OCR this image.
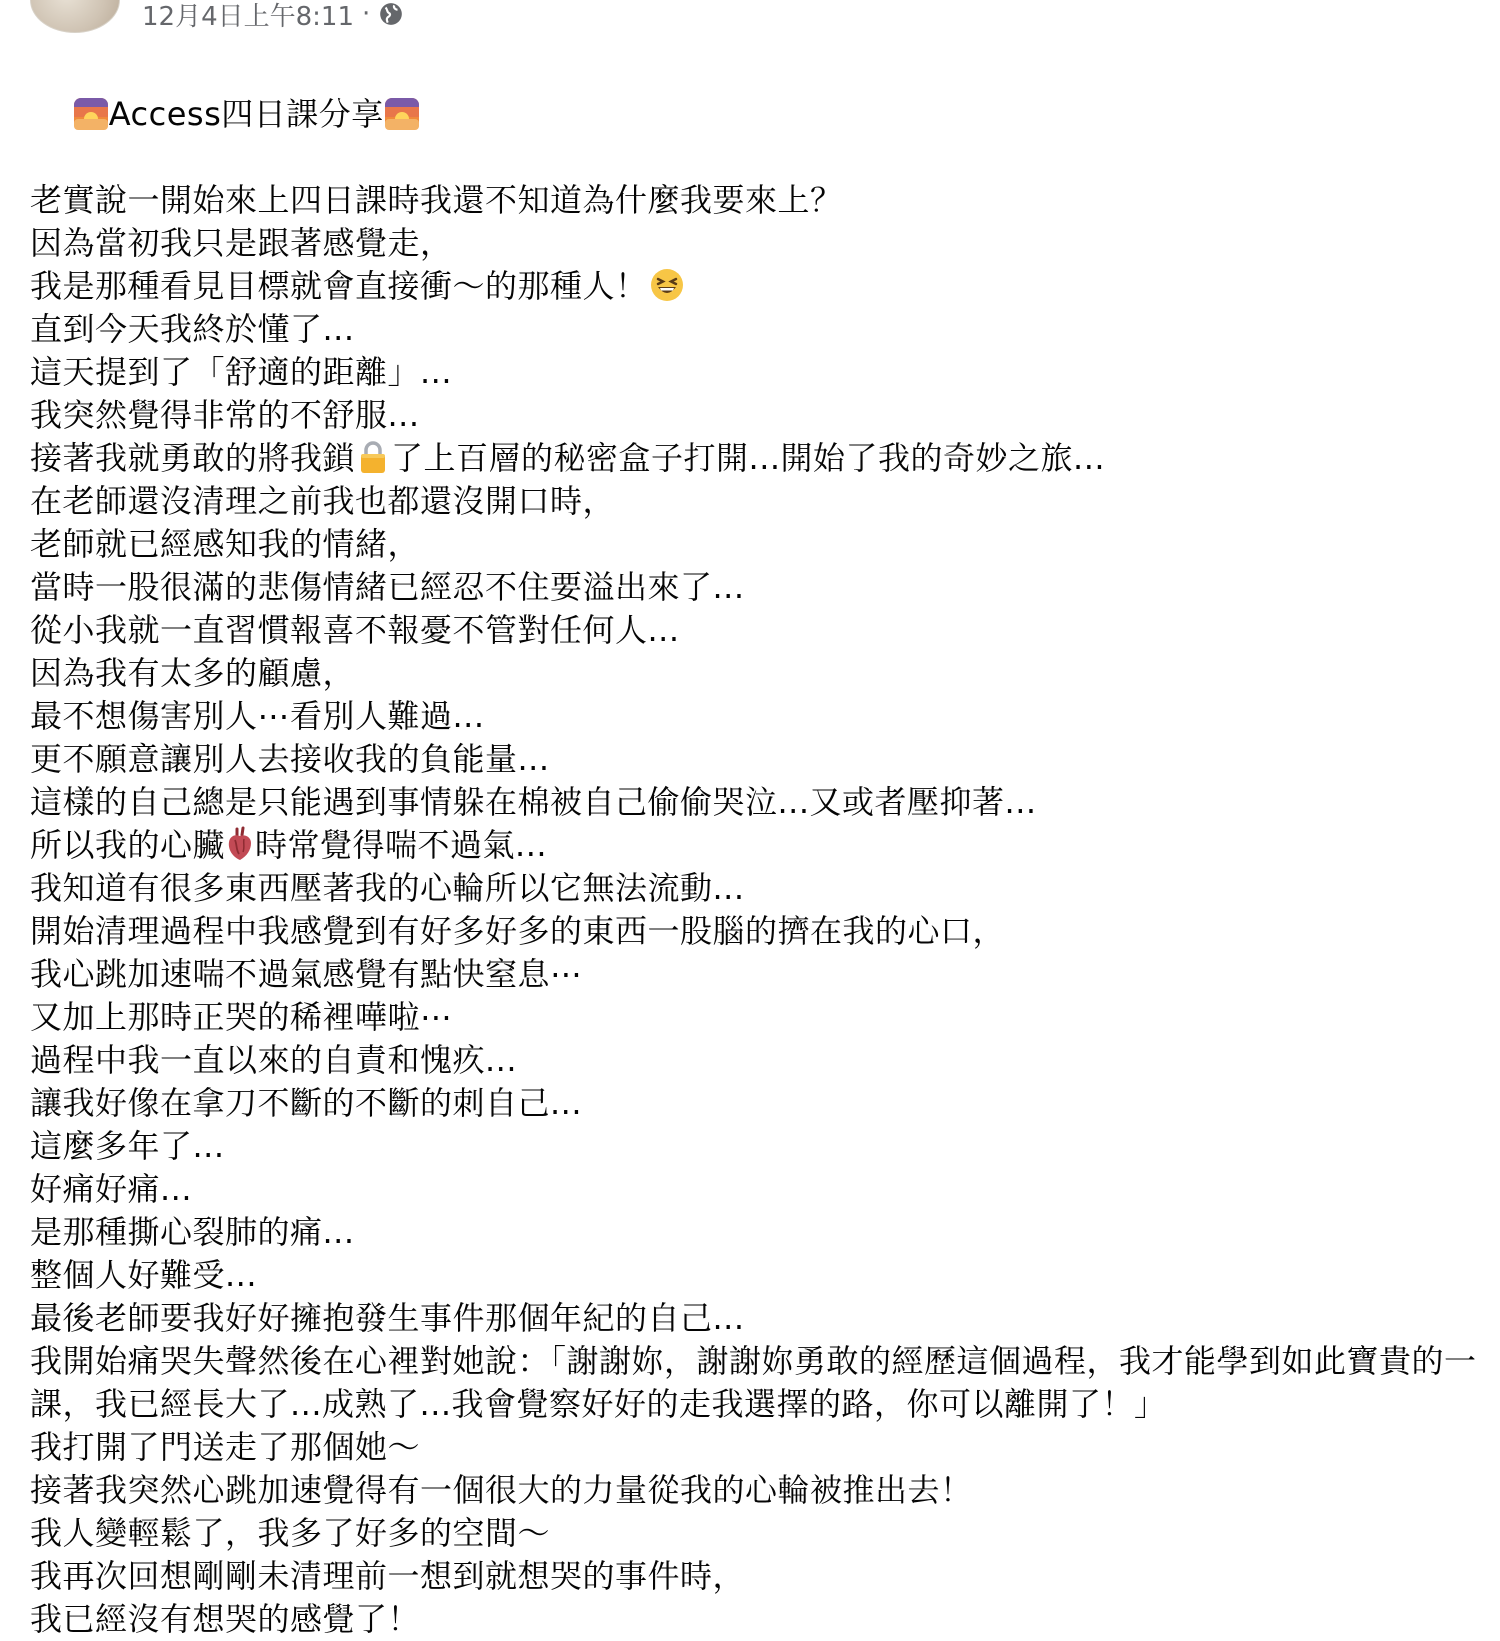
12月4日上午8:11 ·

Access四日課分享

老實說一開始來上四日課時我還不知道為什麼我要來上？
因為當初我只是跟著感覺走，
我是那種看見目標就會直接衝～的那種人！
直到今天我終於懂了...
這天提到了「舒適的距離」...
我突然覺得非常的不舒服...
接著我就勇敢的將我鎖 了上百層的秘密盒子打開...開始了我的奇妙之旅...
在老師還沒清理之前我也都還沒開口時，
老師就已經感知我的情緒，
當時一股很滿的悲傷情緒已經忍不住要溢出來了...
從小我就一直習慣報喜不報憂不管對任何人...
因為我有太多的顧慮，
最不想傷害別人⋯看別人難過...
更不願意讓別人去接收我的負能量...
這樣的自己總是只能遇到事情躲在棉被自己偷偷哭泣...又或者壓抑著...
所以我的心臟 時常覺得喘不過氣...
我知道有很多東西壓著我的心輪所以它無法流動...
開始清理過程中我感覺到有好多好多的東西一股腦的擠在我的心口，
我心跳加速喘不過氣感覺有點快窒息⋯
又加上那時正哭的稀裡嘩啦⋯
過程中我一直以來的自責和愧疚...
讓我好像在拿刀不斷的不斷的刺自己...
這麼多年了...
好痛好痛...
是那種撕心裂肺的痛...
整個人好難受...
最後老師要我好好擁抱發生事件那個年紀的自己...
我開始痛哭失聲然後在心裡對她說：「謝謝妳，謝謝妳勇敢的經歷這個過程，我才能學到如此寶貴的一課，我已經長大了...成熟了...我會覺察好好的走我選擇的路，你可以離開了！」
我打開了門送走了那個她～
接著我突然心跳加速覺得有一個很大的力量從我的心輪被推出去！
我人變輕鬆了，我多了好多的空間～
我再次回想剛剛未清理前一想到就想哭的事件時，
我已經沒有想哭的感覺了！
